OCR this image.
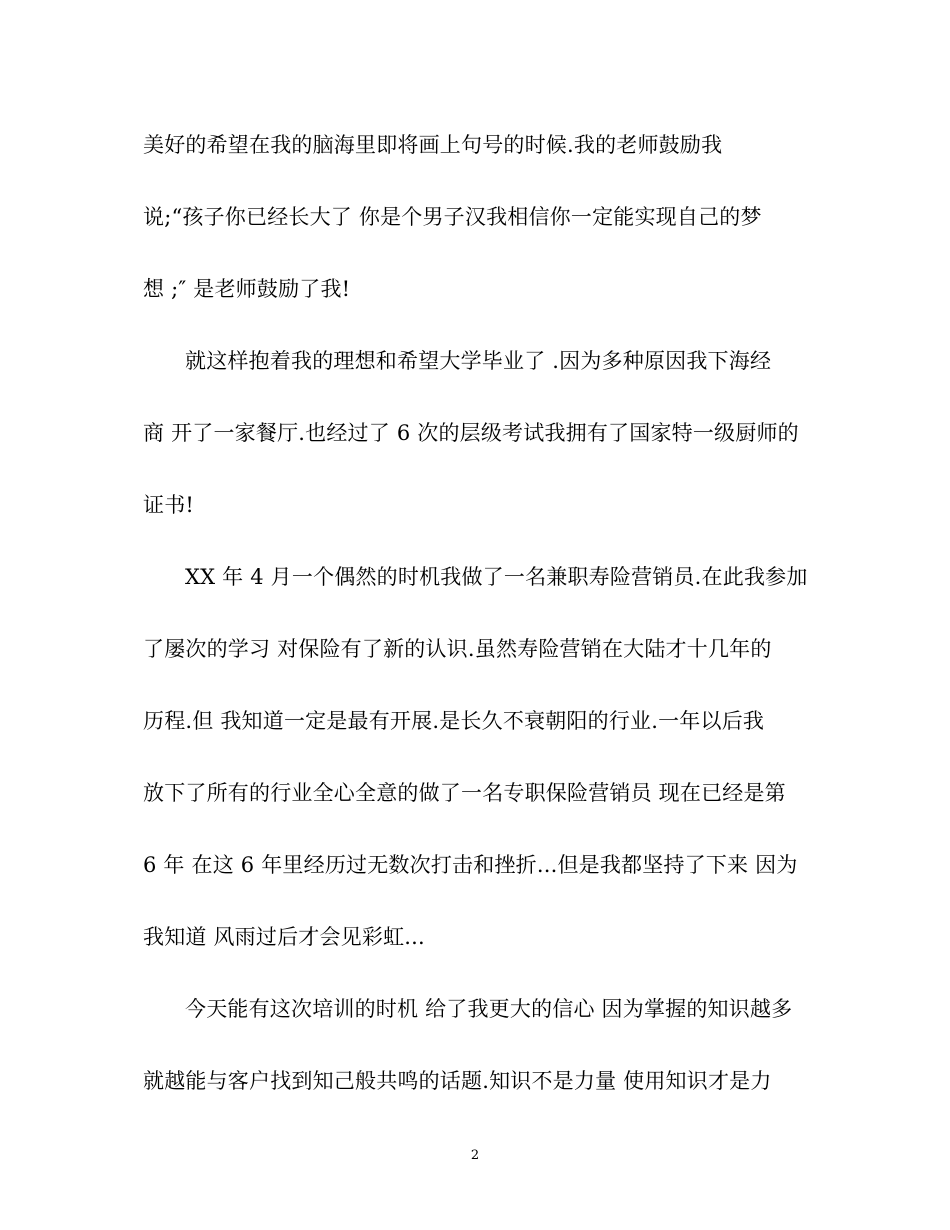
美好的希望在我的脑海里即将画上句号的时候.我的老师鼓励我
说;“孩子你已经长大了 你是个男子汉我相信你一定能实现自己的梦
想 ;″ 是老师鼓励了我!
就这样抱着我的理想和希望大学毕业了 .因为多种原因我下海经
商 开了一家餐厅.也经过了 6 次的层级考试我拥有了国家特一级厨师的
证书!
XX 年 4 月一个偶然的时机我做了一名兼职寿险营销员.在此我参加
了屡次的学习 对保险有了新的认识.虽然寿险营销在大陆才十几年的
历程.但 我知道一定是最有开展.是长久不衰朝阳的行业.一年以后我
放下了所有的行业全心全意的做了一名专职保险营销员 现在已经是第
6 年 在这 6 年里经历过无数次打击和挫折...但是我都坚持了下来 因为
我知道 风雨过后才会见彩虹...
今天能有这次培训的时机 给了我更大的信心 因为掌握的知识越多
就越能与客户找到知己般共鸣的话题.知识不是力量 使用知识才是力
2
